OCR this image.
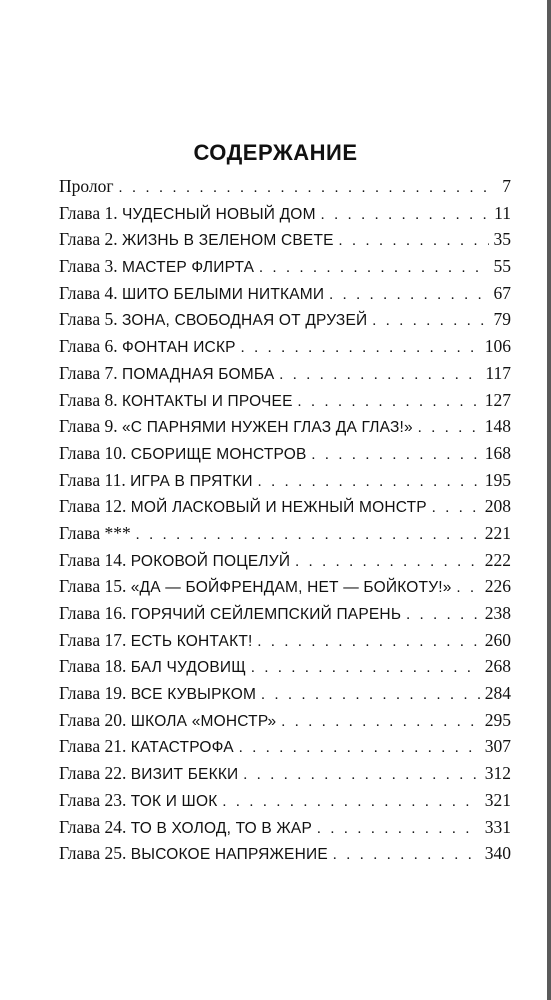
СОДЕРЖАНИЕ
Пролог . . .	7
Глава 1. ЧУДЕСНЫЙ НОВЫЙ ДОМ . . .	11
Глава 2. ЖИЗНЬ В ЗЕЛЕНОМ СВЕТЕ . . .	35
Глава 3. МАСТЕР ФЛИРТА . . .	55
Глава 4. ШИТО БЕЛЫМИ НИТКАМИ . . .	67
Глава 5. ЗОНА, СВОБОДНАЯ ОТ ДРУЗЕЙ . . .	79
Глава 6. ФОНТАН ИСКР . . .	106
Глава 7. ПОМАДНАЯ БОМБА . . .	117
Глава 8. КОНТАКТЫ И ПРОЧЕЕ . . .	127
Глава 9. «С ПАРНЯМИ НУЖЕН ГЛАЗ ДА ГЛАЗ!» . . .	148
Глава 10. СБОРИЩЕ МОНСТРОВ . . .	168
Глава 11. ИГРА В ПРЯТКИ . . .	195
Глава 12. МОЙ ЛАСКОВЫЙ И НЕЖНЫЙ МОНСТР . . .	208
Глава *** . . .	221
Глава 14. РОКОВОЙ ПОЦЕЛУЙ . . .	222
Глава 15. «ДА — БОЙФРЕНДАМ, НЕТ — БОЙКОТУ!» . . . 226
Глава 16. ГОРЯЧИЙ СЕЙЛЕМПСКИЙ ПАРЕНЬ . . .	238
Глава 17. ЕСТЬ КОНТАКТ! . . .	260
Глава 18. БАЛ ЧУДОВИЩ . . .	268
Глава 19. ВСЕ КУВЫРКОМ . . .	284
Глава 20. ШКОЛА «МОНСТР» . . .	295
Глава 21. КАТАСТРОФА . . .	307
Глава 22. ВИЗИТ БЕККИ . . .	312
Глава 23. ТОК И ШОК . . .	321
Глава 24. ТО В ХОЛОД, ТО В ЖАР . . .	331
Глава 25. ВЫСОКОЕ НАПРЯЖЕНИЕ . . .	340
